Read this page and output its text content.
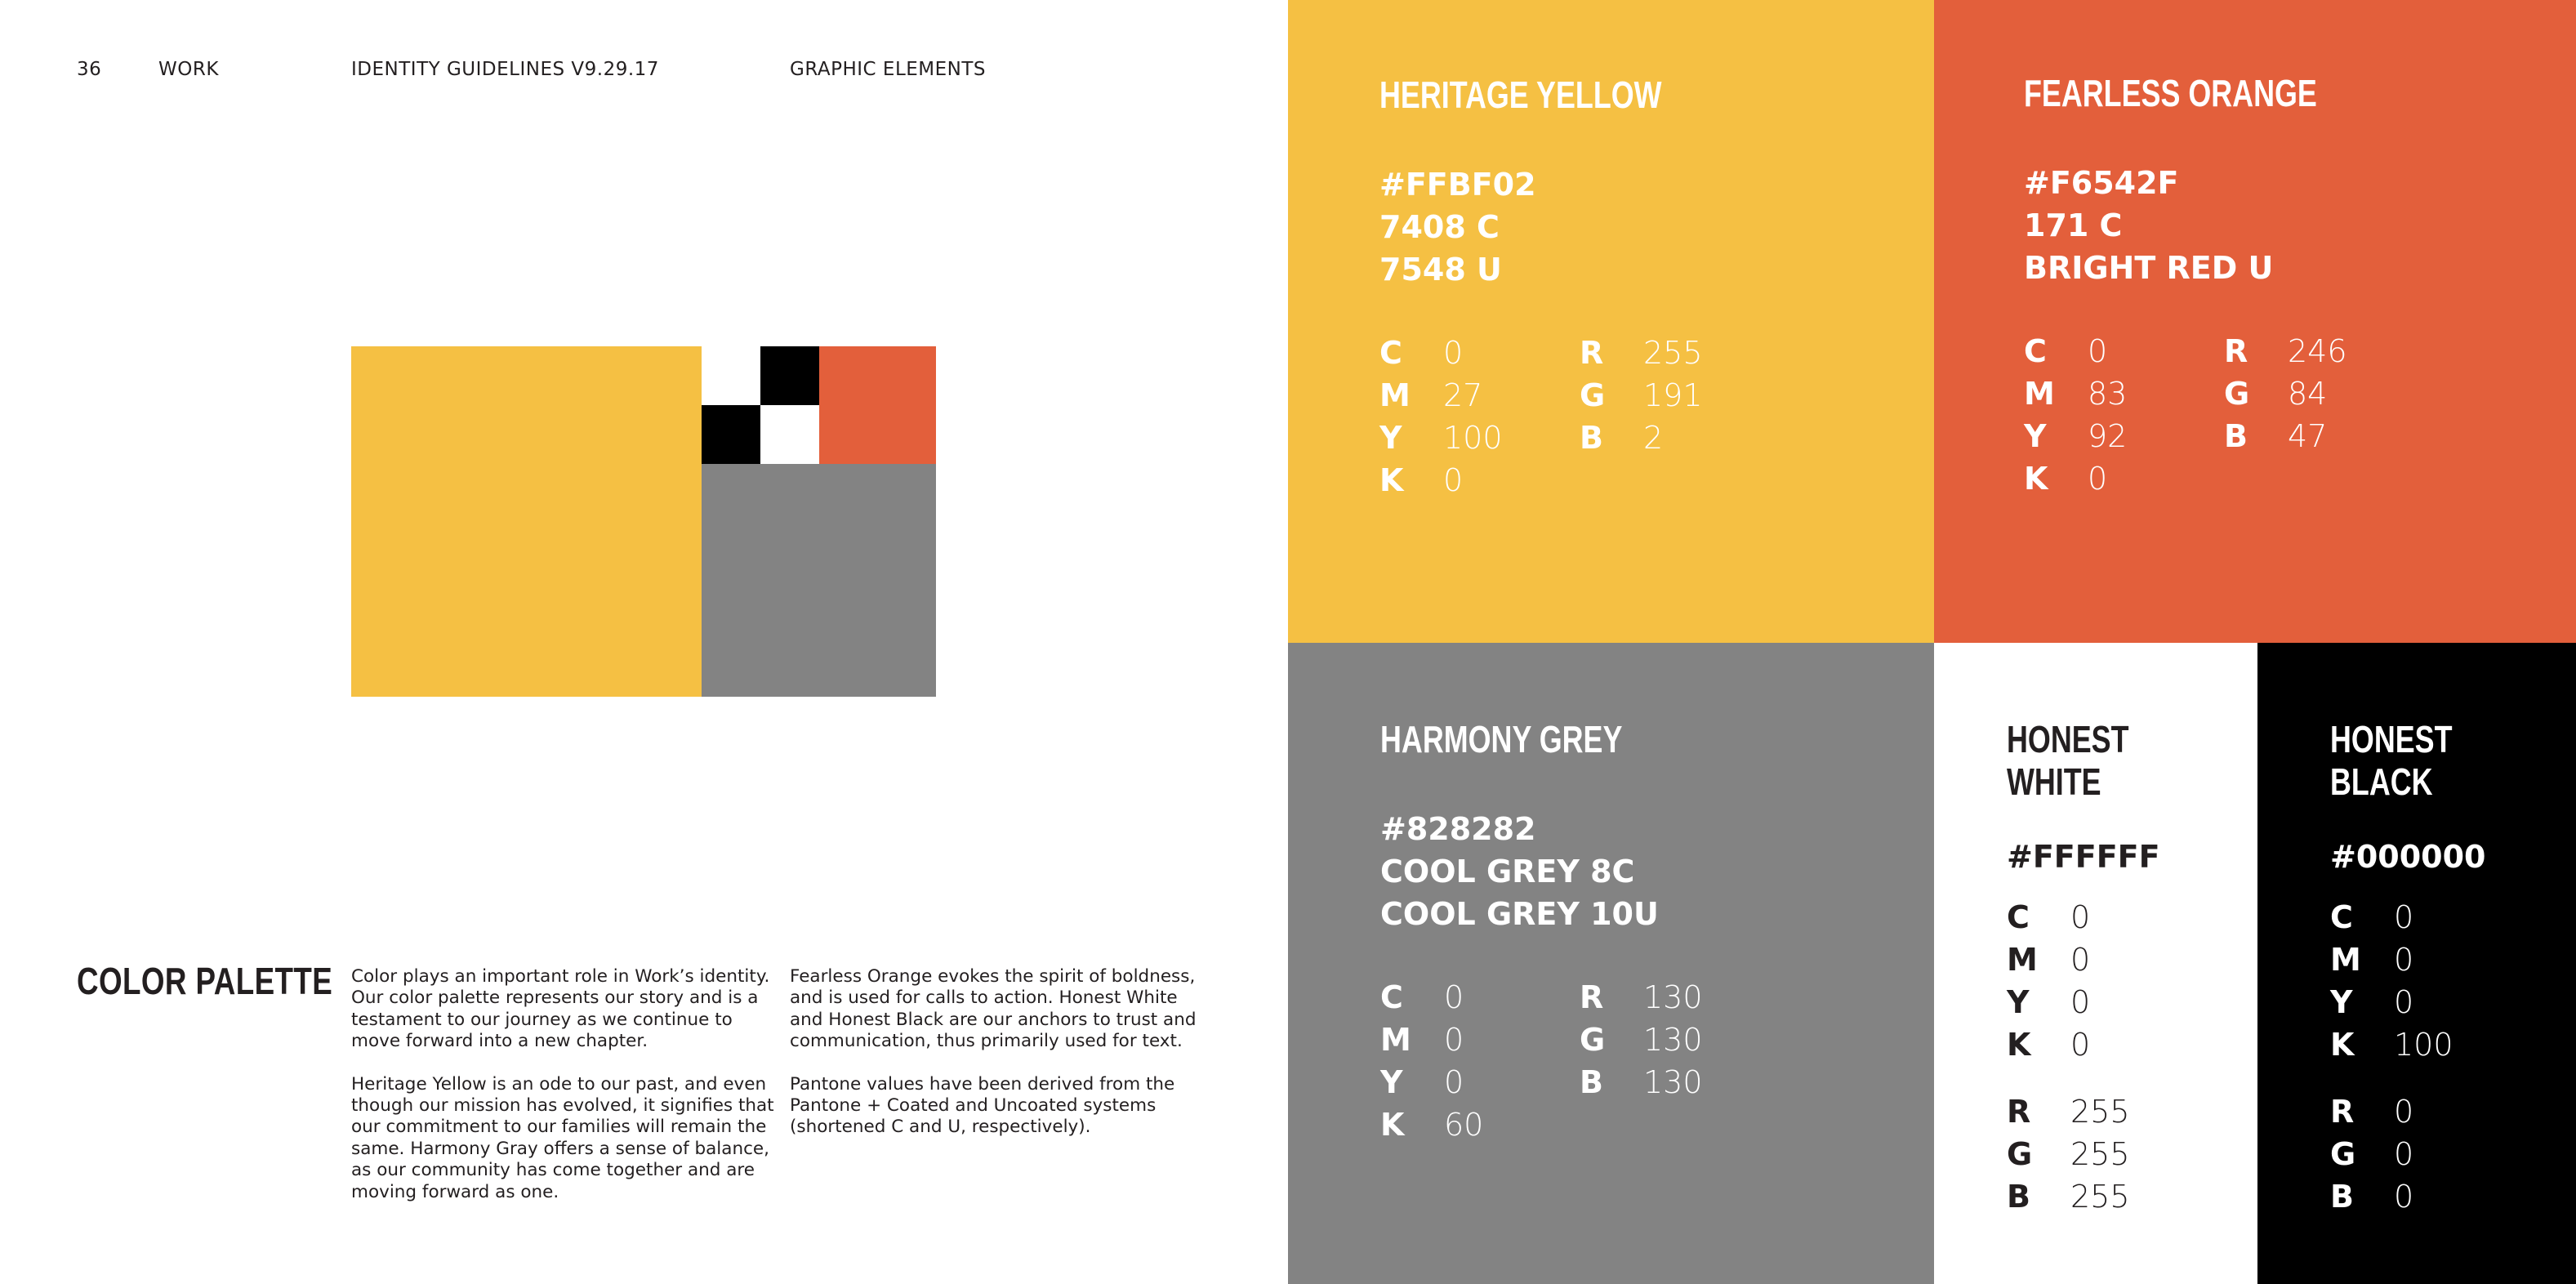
36	WORK	IDENTITY GUIDELINES V9.29.17	GRAPHIC ELEMENTS
COLOR PALETTE Color plays an important role in Work’s identity. Our color palette represents our story and is a testament to our journey as we continue to move forward into a new chapter.

Heritage Yellow is an ode to our past, and even though our mission has evolved, it signifies that our commitment to our families will remain the same. Harmony Gray offers a sense of balance, as our community has come together and are moving forward as one.

Fearless Orange evokes the spirit of boldness, and is used for calls to action. Honest White and Honest Black are our anchors to trust and communication, thus primarily used for text.

Pantone values have been derived from the Pantone + Coated and Uncoated systems (shortened C and U, respectively).

HERITAGE YELLOW
#FFBF02
7408 C
7548 U
C	0
M	27
Y	100
K	0
R	255
G	191
B	2
FEARLESS ORANGE
#F6542F
171 C
BRIGHT RED U
C	0
M	83
Y	92
K	0
R	246
G	84
B	47
HARMONY GREY
#828282
COOL GREY 8C
COOL GREY 10U
C	0
M	0
Y	0
K	60
R	130
G	130
B	130
HONEST
WHITE
#FFFFFF
C	0
M	0
Y	0
K	0
R	255
G	255
B	255
HONEST
BLACK
#000000
C	0
M	0
Y	0
K	100
R	0
G	0
B	0
